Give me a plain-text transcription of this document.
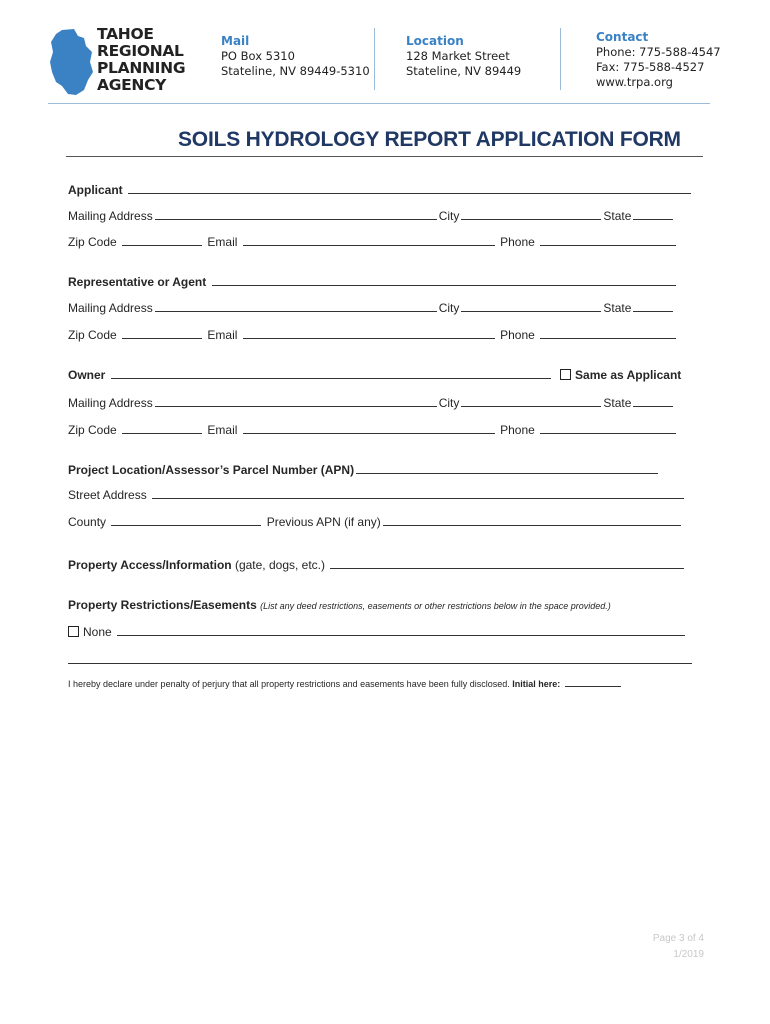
TAHOE
REGIONAL
PLANNING
AGENCY
Mail
PO Box 5310
Stateline, NV 89449-5310
Location
128 Market Street
Stateline, NV 89449
Contact
Phone: 775-588-4547
Fax: 775-588-4527
www.trpa.org
SOILS HYDROLOGY REPORT APPLICATION FORM
Applicant
Mailing Address	City	State
Zip Code	Email	Phone
Representative or Agent
Mailing Address	City	State
Zip Code	Email	Phone
Owner	Same as Applicant
Mailing Address	City	State
Zip Code	Email	Phone
Project Location/Assessor’s Parcel Number (APN)
Street Address
County	Previous APN (if any)
Property Access/Information (gate, dogs, etc.)
Property Restrictions/Easements (List any deed restrictions, easements or other restrictions below in the space provided.)
None
I hereby declare under penalty of perjury that all property restrictions and easements have been fully disclosed. Initial here:
Page 3 of 4
1/2019
